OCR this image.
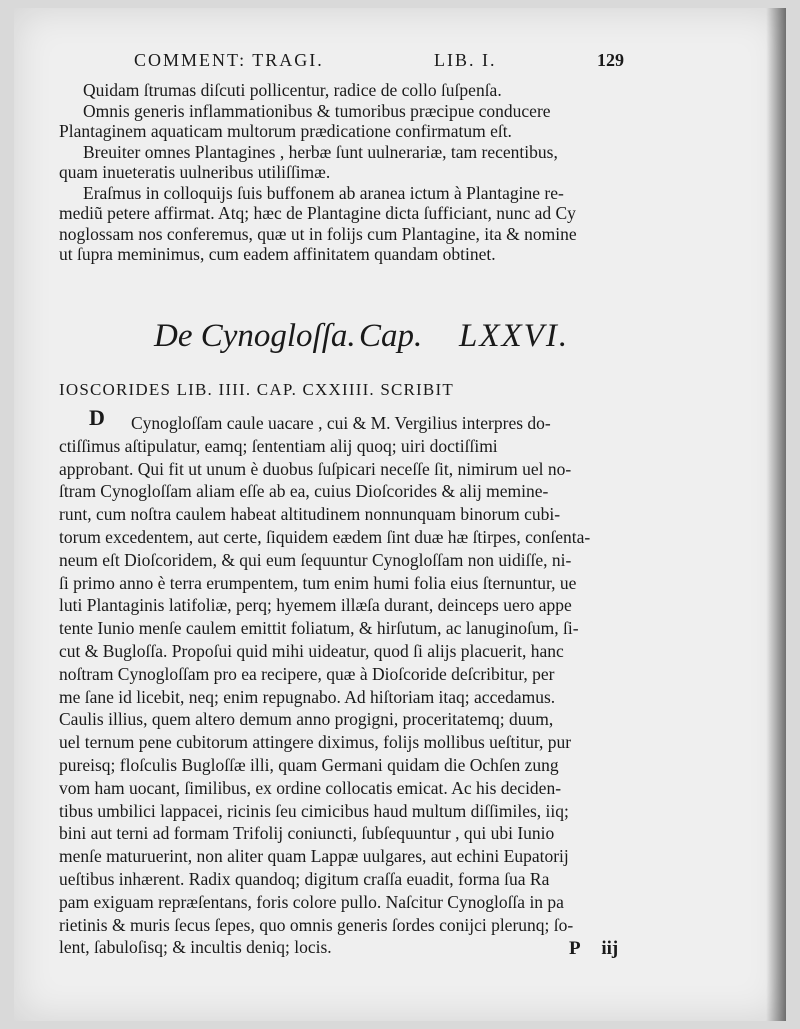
COMMENT: TRAGI.	LIB. I.	129
Quidam ſtrumas diſcuti pollicentur, radice de collo ſuſpenſa.
Omnis generis inflammationibus & tumoribus præcipue conducere
Plantaginem aquaticam multorum prædicatione confirmatum eſt.
Breuiter omnes Plantagines , herbæ ſunt uulnerariæ, tam recentibus,
quam inueteratis uulneribus utiliſſimæ.
Eraſmus in colloquijs ſuis buffonem ab aranea ictum à Plantagine re-
mediũ petere affirmat. Atq; hæc de Plantagine dicta ſufficiant, nunc ad Cy
noglossam nos conferemus, quæ ut in folijs cum Plantagine, ita & nomine
ut ſupra meminimus, cum eadem affinitatem quandam obtinet.
De Cynogloſſa. Cap. LXXVI.
IOSCORIDES LIB. IIII. CAP. CXXIIII. SCRIBIT
D	Cynogloſſam caule uacare , cui & M. Vergilius interpres do-
ctiſſimus aſtipulatur, eamq; ſententiam alij quoq; uiri doctiſſimi
approbant. Qui fit ut unum è duobus ſuſpicari neceſſe ſit, nimirum uel no-
ſtram Cynogloſſam aliam eſſe ab ea, cuius Dioſcorides & alij memine-
runt, cum noſtra caulem habeat altitudinem nonnunquam binorum cubi-
torum excedentem, aut certe, ſiquidem eædem ſint duæ hæ ſtirpes, conſenta-
neum eſt Dioſcoridem, & qui eum ſequuntur Cynogloſſam non uidiſſe, ni-
ſi primo anno è terra erumpentem, tum enim humi folia eius ſternuntur, ue
luti Plantaginis latifoliæ, perq; hyemem illæſa durant, deinceps uero appe
tente Iunio menſe caulem emittit foliatum, & hirſutum, ac lanuginoſum, ſi-
cut & Bugloſſa. Propoſui quid mihi uideatur, quod ſi alijs placuerit, hanc
noſtram Cynogloſſam pro ea recipere, quæ à Dioſcoride deſcribitur, per
me ſane id licebit, neq; enim repugnabo. Ad hiſtoriam itaq; accedamus.
Caulis illius, quem altero demum anno progigni, proceritatemq; duum,
uel ternum pene cubitorum attingere diximus, folijs mollibus ueſtitur, pur
pureisq; floſculis Bugloſſæ illi, quam Germani quidam die Ochſen zung
vom ham uocant, ſimilibus, ex ordine collocatis emicat. Ac his deciden-
tibus umbilici lappacei, ricinis ſeu cimicibus haud multum diſſimiles, iiq;
bini aut terni ad formam Trifolij coniuncti, ſubſequuntur , qui ubi Iunio
menſe maturuerint, non aliter quam Lappæ uulgares, aut echini Eupatorij
ueſtibus inhærent. Radix quandoq; digitum craſſa euadit, forma ſua Ra
pam exiguam repræſentans, foris colore pullo. Naſcitur Cynogloſſa in pa
rietinis & muris ſecus ſepes, quo omnis generis ſordes conijci plerunq; ſo-
lent, ſabuloſisq; & incultis deniq; locis.	P iij
